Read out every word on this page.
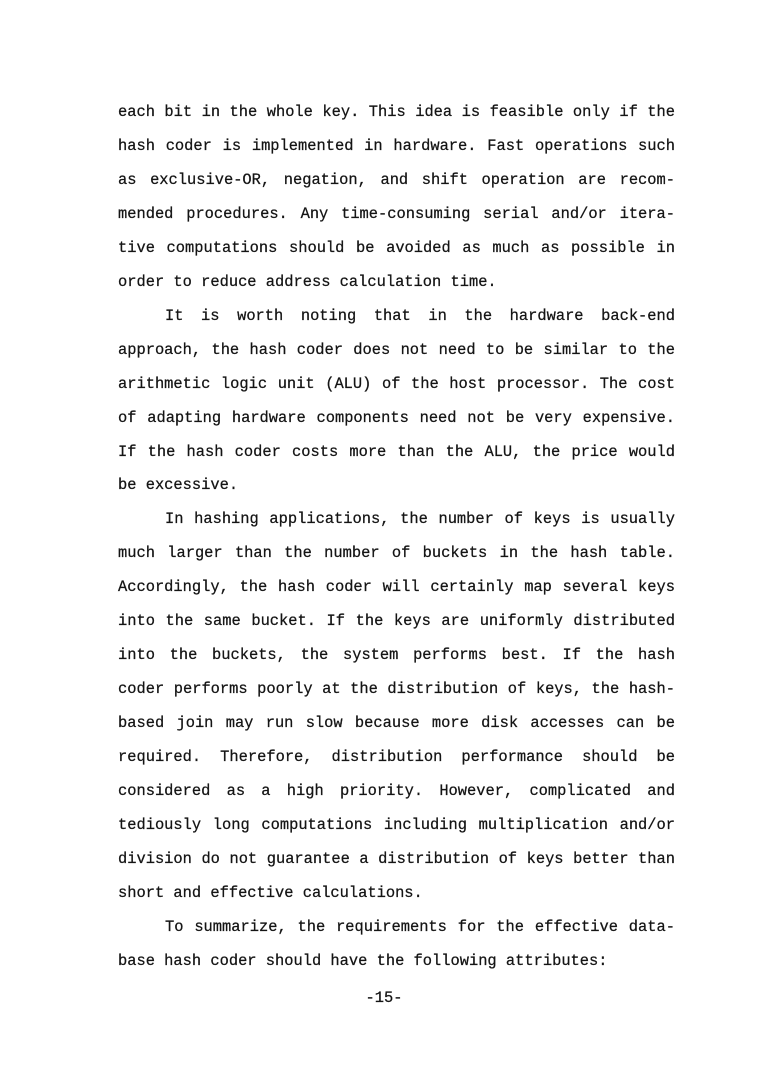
each bit in the whole key. This idea is feasible only if the
hash coder is implemented in hardware. Fast operations such
as exclusive-OR, negation, and shift operation are recom-
mended procedures. Any time-consuming serial and/or itera-
tive computations should be avoided as much as possible in
order to reduce address calculation time.
It is worth noting that in the hardware back-end
approach, the hash coder does not need to be similar to the
arithmetic logic unit (ALU) of the host processor. The cost
of adapting hardware components need not be very expensive.
If the hash coder costs more than the ALU, the price would
be excessive.
In hashing applications, the number of keys is usually
much larger than the number of buckets in the hash table.
Accordingly, the hash coder will certainly map several keys
into the same bucket. If the keys are uniformly distributed
into the buckets, the system performs best. If the hash
coder performs poorly at the distribution of keys, the hash-
based join may run slow because more disk accesses can be
required. Therefore, distribution performance should be
considered as a high priority. However, complicated and
tediously long computations including multiplication and/or
division do not guarantee a distribution of keys better than
short and effective calculations.
To summarize, the requirements for the effective data-
base hash coder should have the following attributes:
-15-
